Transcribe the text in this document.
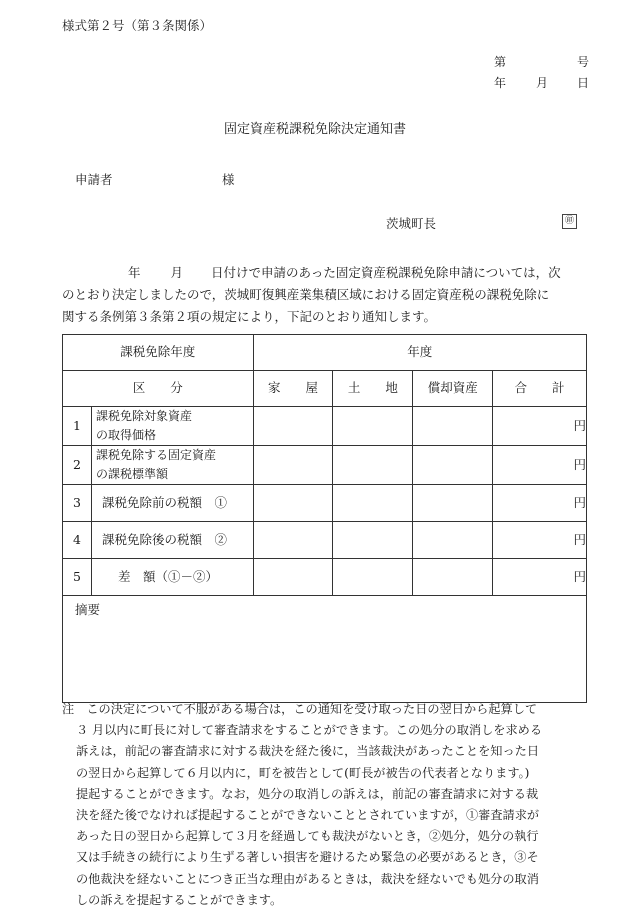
様式第２号（第３条関係）
第	号
年 月 日
固定資産税課税免除決定通知書
申請者	様
茨城町長	㊞

年 月 日付けで申請のあった固定資産税課税免除申請については，次

のとおり決定しましたので，茨城町復興産業集積区域における固定資産税の課税免除に

関する条例第３条第２項の規定により，下記のとおり通知します。

課税免除年度		年度			
区　　分		家　　屋	土　　地	償却資産	合　　計
1	課税免除対象資産
の取得価格				円
2	課税免除する固定資産
の課税標準額				円
3	課税免除前の税額　①				円
4	課税免除後の税額　②				円
5	差　額（①－②）				円
摘要					
注　この決定について不服がある場合は，この通知を受け取った日の翌日から起算して
３ 月以内に町長に対して審査請求をすることができます。この処分の取消しを求める
訴えは，前記の審査請求に対する裁決を経た後に，当該裁決があったことを知った日
の翌日から起算して６月以内に，町を被告として(町長が被告の代表者となります。)
提起することができます。なお，処分の取消しの訴えは，前記の審査請求に対する裁
決を経た後でなければ提起することができないこととされていますが，①審査請求が
あった日の翌日から起算して３月を経過しても裁決がないとき，②処分，処分の執行
又は手続きの続行により生ずる著しい損害を避けるため緊急の必要があるとき，③そ
の他裁決を経ないことにつき正当な理由があるときは，裁決を経ないでも処分の取消
しの訴えを提起することができます。
